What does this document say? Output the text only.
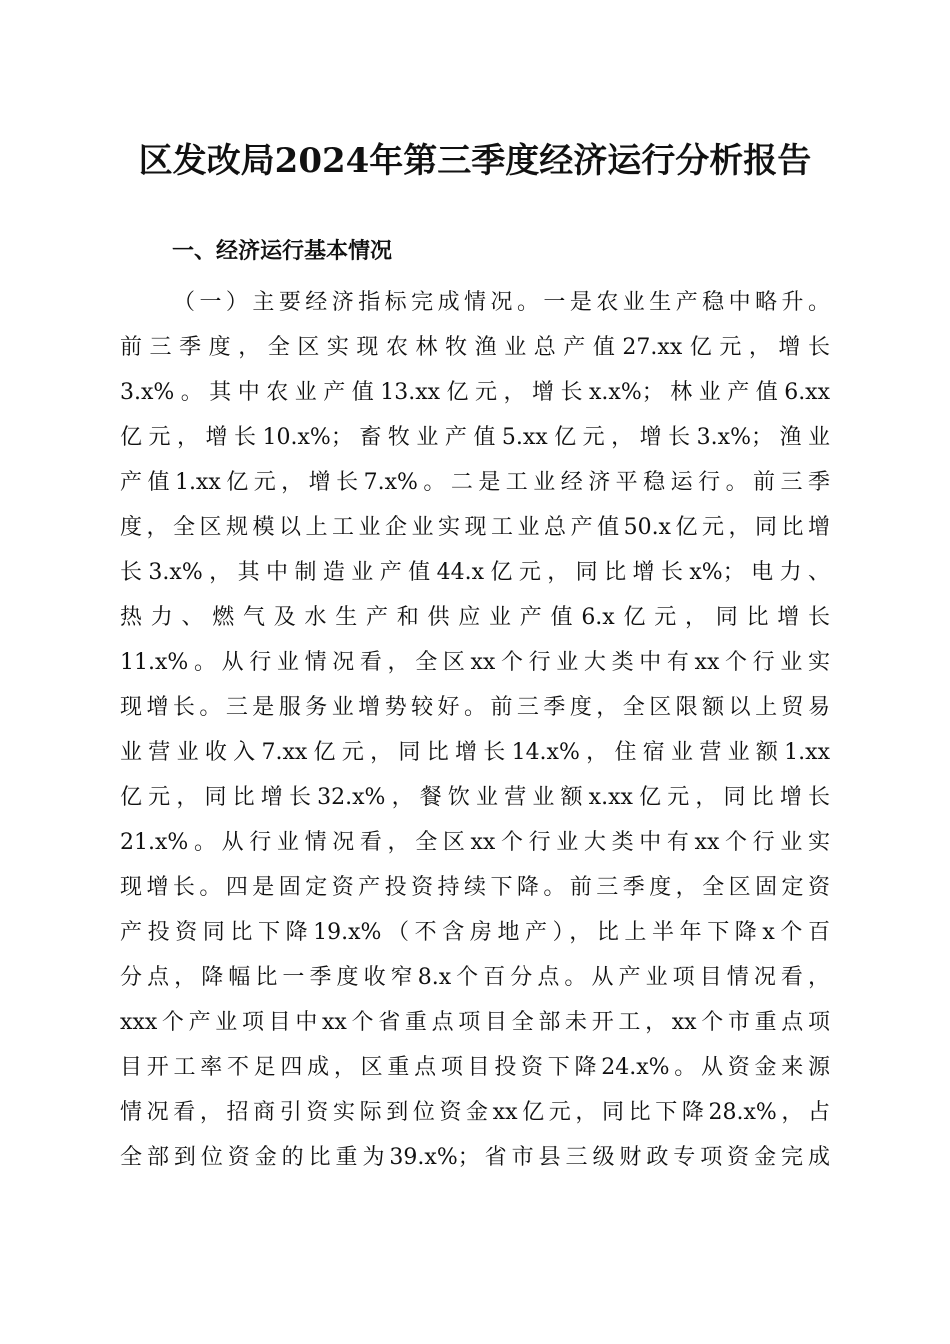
区发改局2024年第三季度经济运行分析报告
一、经济运行基本情况
（一）主要经济指标完成情况。一是农业生产稳中略升。
前三季度，全区实现农林牧渔业总产值27.xx亿元，增长
3.x%。其中农业产值13.xx亿元，增长x.x%；林业产值6.xx
亿元，增长10.x%；畜牧业产值5.xx亿元，增长3.x%；渔业
产值1.xx亿元，增长7.x%。二是工业经济平稳运行。前三季
度，全区规模以上工业企业实现工业总产值50.x亿元，同比增
长3.x%，其中制造业产值44.x亿元，同比增长x%；电力、
热力、燃气及水生产和供应业产值6.x亿元，同比增长
11.x%。从行业情况看，全区xx个行业大类中有xx个行业实
现增长。三是服务业增势较好。前三季度，全区限额以上贸易
业营业收入7.xx亿元，同比增长14.x%，住宿业营业额1.xx
亿元，同比增长32.x%，餐饮业营业额x.xx亿元，同比增长
21.x%。从行业情况看，全区xx个行业大类中有xx个行业实
现增长。四是固定资产投资持续下降。前三季度，全区固定资
产投资同比下降19.x%（不含房地产），比上半年下降x个百
分点，降幅比一季度收窄8.x个百分点。从产业项目情况看，
xxx个产业项目中xx个省重点项目全部未开工，xx个市重点项
目开工率不足四成，区重点项目投资下降24.x%。从资金来源
情况看，招商引资实际到位资金xx亿元，同比下降28.x%，占
全部到位资金的比重为39.x%；省市县三级财政专项资金完成
